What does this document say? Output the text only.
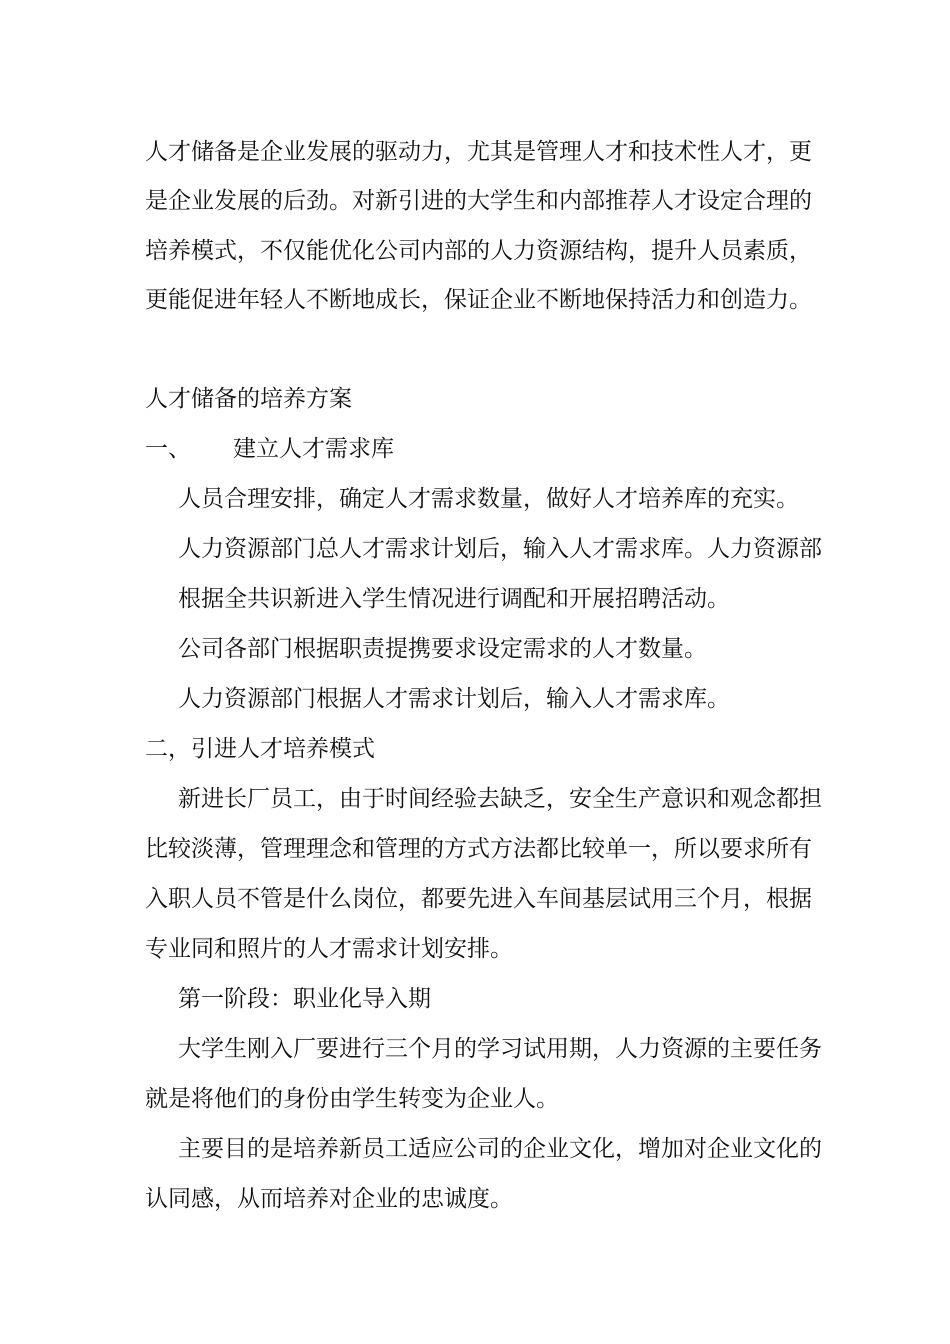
人才储备是企业发展的驱动力，尤其是管理人才和技术性人才，更
是企业发展的后劲。对新引进的大学生和内部推荐人才设定合理的
培养模式，不仅能优化公司内部的人力资源结构，提升人员素质，
更能促进年轻人不断地成长，保证企业不断地保持活力和创造力。
人才储备的培养方案
一、 建立人才需求库
人员合理安排，确定人才需求数量，做好人才培养库的充实。
人力资源部门总人才需求计划后，输入人才需求库。人力资源部
根据全共识新进入学生情况进行调配和开展招聘活动。
公司各部门根据职责提携要求设定需求的人才数量。
人力资源部门根据人才需求计划后，输入人才需求库。
二，引进人才培养模式
新进长厂员工，由于时间经验去缺乏，安全生产意识和观念都担
比较淡薄，管理理念和管理的方式方法都比较单一，所以要求所有
入职人员不管是什么岗位，都要先进入车间基层试用三个月，根据
专业同和照片的人才需求计划安排。
第一阶段：职业化导入期
大学生刚入厂要进行三个月的学习试用期，人力资源的主要任务
就是将他们的身份由学生转变为企业人。
主要目的是培养新员工适应公司的企业文化，增加对企业文化的
认同感，从而培养对企业的忠诚度。
